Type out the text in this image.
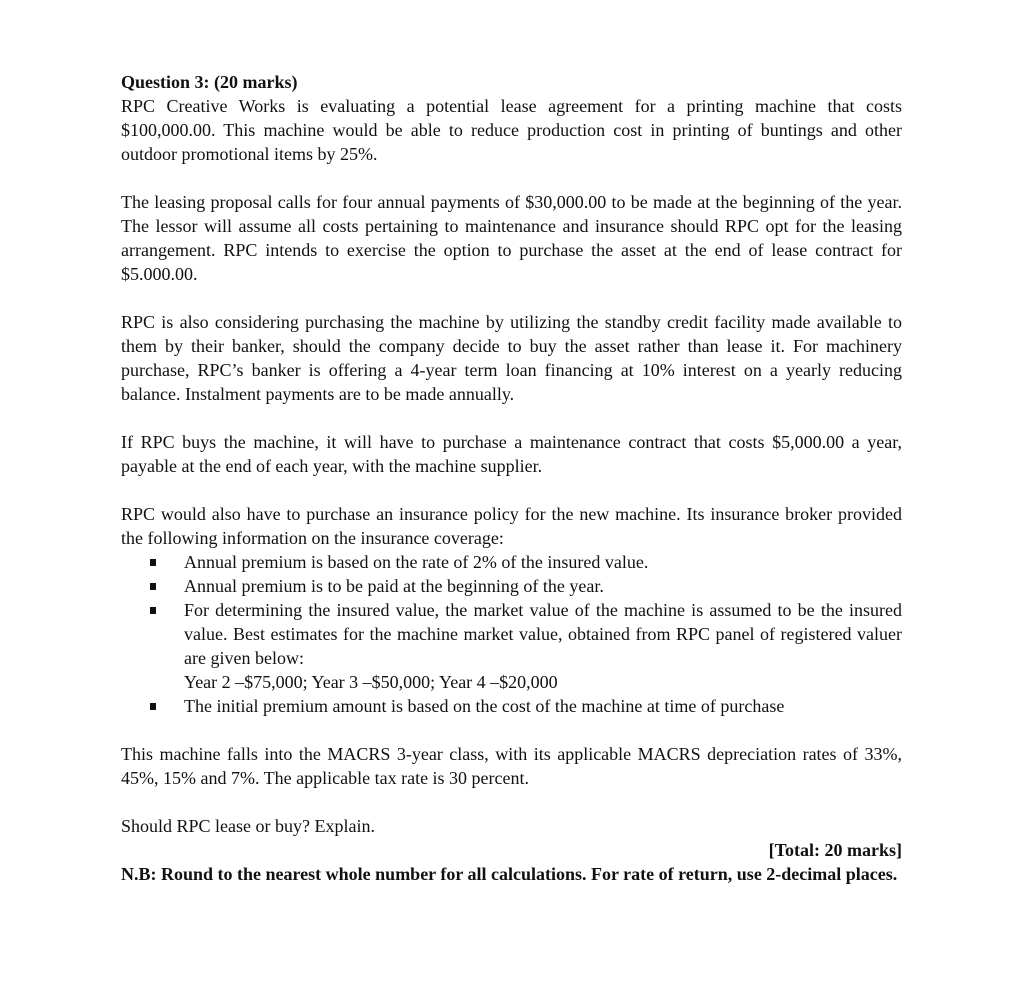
Question 3: (20 marks)

RPC Creative Works is evaluating a potential lease agreement for a printing machine that costs $100,000.00. This machine would be able to reduce production cost in printing of buntings and other outdoor promotional items by 25%.

The leasing proposal calls for four annual payments of $30,000.00 to be made at the beginning of the year. The lessor will assume all costs pertaining to maintenance and insurance should RPC opt for the leasing arrangement. RPC intends to exercise the option to purchase the asset at the end of lease contract for $5.000.00.

RPC is also considering purchasing the machine by utilizing the standby credit facility made available to them by their banker, should the company decide to buy the asset rather than lease it. For machinery purchase, RPC’s banker is offering a 4-year term loan financing at 10% interest on a yearly reducing balance. Instalment payments are to be made annually.

If RPC buys the machine, it will have to purchase a maintenance contract that costs $5,000.00 a year, payable at the end of each year, with the machine supplier.

RPC would also have to purchase an insurance policy for the new machine. Its insurance broker provided the following information on the insurance coverage:

Annual premium is based on the rate of 2% of the insured value.
Annual premium is to be paid at the beginning of the year.
For determining the insured value, the market value of the machine is assumed to be the insured value. Best estimates for the machine market value, obtained from RPC panel of registered valuer are given below:
Year 2 –$75,000; Year 3 –$50,000; Year 4 –$20,000
The initial premium amount is based on the cost of the machine at time of purchase

This machine falls into the MACRS 3-year class, with its applicable MACRS depreciation rates of 33%, 45%, 15% and 7%. The applicable tax rate is 30 percent.

Should RPC lease or buy? Explain.

[Total: 20 marks]

N.B: Round to the nearest whole number for all calculations. For rate of return, use 2-decimal places.
